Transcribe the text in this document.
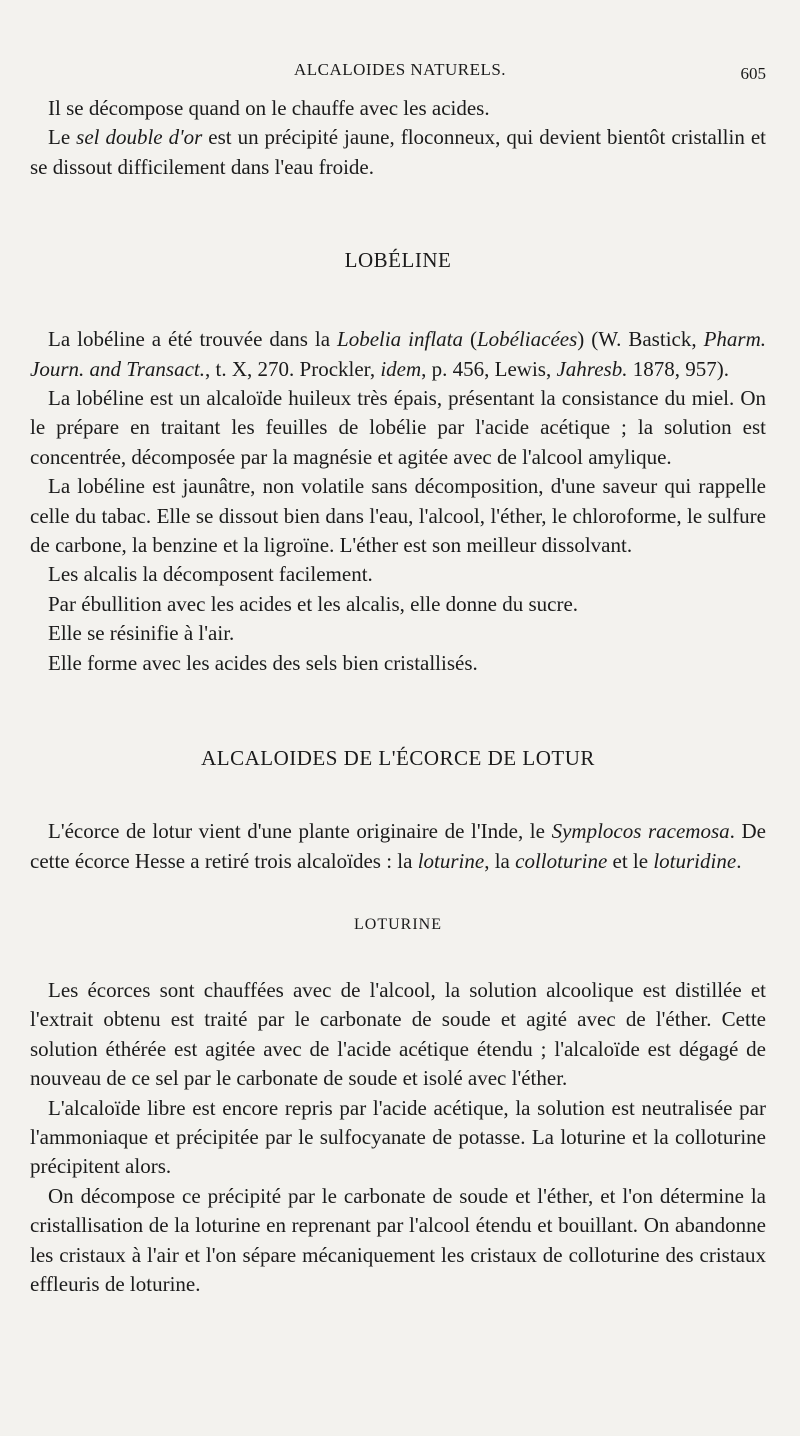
ALCALOIDES NATURELS.	605

Il se décompose quand on le chauffe avec les acides.

Le sel double d'or est un précipité jaune, floconneux, qui devient bientôt cristallin et se dissout difficilement dans l'eau froide.

LOBÉLINE

La lobéline a été trouvée dans la Lobelia inflata (Lobéliacées) (W. Bastick, Pharm. Journ. and Transact., t. X, 270. Prockler, idem, p. 456, Lewis, Jahresb. 1878, 957).

La lobéline est un alcaloïde huileux très épais, présentant la consistance du miel. On le prépare en traitant les feuilles de lobélie par l'acide acétique ; la solution est concentrée, décomposée par la magnésie et agitée avec de l'alcool amylique.

La lobéline est jaunâtre, non volatile sans décomposition, d'une saveur qui rappelle celle du tabac. Elle se dissout bien dans l'eau, l'alcool, l'éther, le chloroforme, le sulfure de carbone, la benzine et la ligroïne. L'éther est son meilleur dissolvant.

Les alcalis la décomposent facilement.

Par ébullition avec les acides et les alcalis, elle donne du sucre.

Elle se résinifie à l'air.

Elle forme avec les acides des sels bien cristallisés.

ALCALOIDES DE L'ÉCORCE DE LOTUR

L'écorce de lotur vient d'une plante originaire de l'Inde, le Symplocos racemosa. De cette écorce Hesse a retiré trois alcaloïdes : la loturine, la colloturine et le loturidine.

LOTURINE

Les écorces sont chauffées avec de l'alcool, la solution alcoolique est distillée et l'extrait obtenu est traité par le carbonate de soude et agité avec de l'éther. Cette solution éthérée est agitée avec de l'acide acétique étendu ; l'alcaloïde est dégagé de nouveau de ce sel par le carbonate de soude et isolé avec l'éther.

L'alcaloïde libre est encore repris par l'acide acétique, la solution est neutralisée par l'ammoniaque et précipitée par le sulfocyanate de potasse. La loturine et la colloturine précipitent alors.

On décompose ce précipité par le carbonate de soude et l'éther, et l'on détermine la cristallisation de la loturine en reprenant par l'alcool étendu et bouillant. On abandonne les cristaux à l'air et l'on sépare mécaniquement les cristaux de colloturine des cristaux effleuris de loturine.
